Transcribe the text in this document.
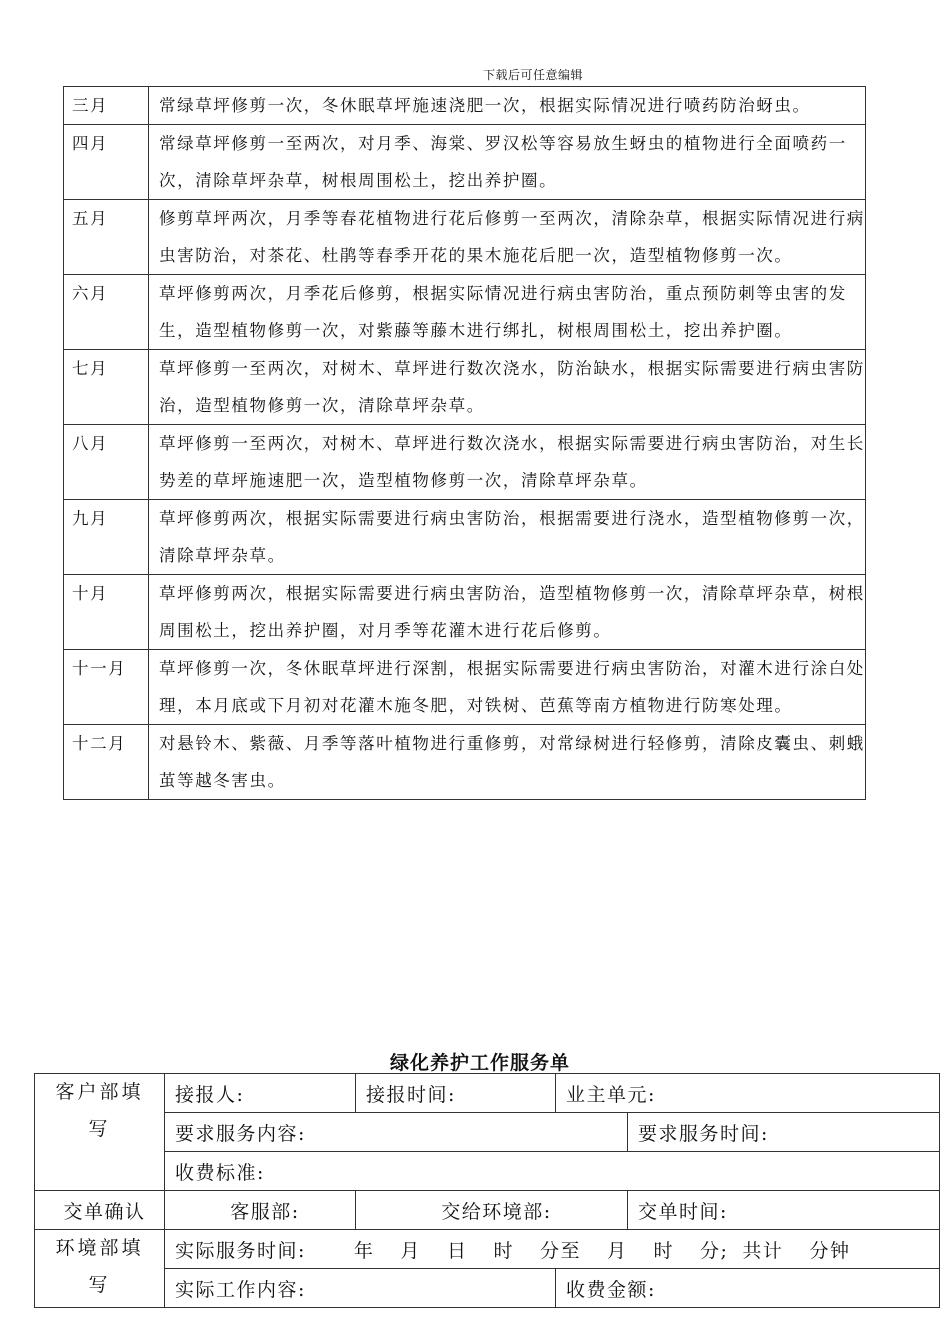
下载后可任意编辑
三月	常绿草坪修剪一次，冬休眠草坪施速浇肥一次，根据实际情况进行喷药防治蚜虫。
四月	常绿草坪修剪一至两次，对月季、海棠、罗汉松等容易放生蚜虫的植物进行全面喷药一次，清除草坪杂草，树根周围松土，挖出养护圈。
五月	修剪草坪两次，月季等春花植物进行花后修剪一至两次，清除杂草，根据实际情况进行病虫害防治，对茶花、杜鹃等春季开花的果木施花后肥一次，造型植物修剪一次。
六月	草坪修剪两次，月季花后修剪，根据实际情况进行病虫害防治，重点预防刺等虫害的发生，造型植物修剪一次，对紫藤等藤木进行绑扎，树根周围松土，挖出养护圈。
七月	草坪修剪一至两次，对树木、草坪进行数次浇水，防治缺水，根据实际需要进行病虫害防治，造型植物修剪一次，清除草坪杂草。
八月	草坪修剪一至两次，对树木、草坪进行数次浇水，根据实际需要进行病虫害防治，对生长势差的草坪施速肥一次，造型植物修剪一次，清除草坪杂草。
九月	草坪修剪两次，根据实际需要进行病虫害防治，根据需要进行浇水，造型植物修剪一次，清除草坪杂草。
十月	草坪修剪两次，根据实际需要进行病虫害防治，造型植物修剪一次，清除草坪杂草，树根周围松土，挖出养护圈，对月季等花灌木进行花后修剪。
十一月	草坪修剪一次，冬休眠草坪进行深割，根据实际需要进行病虫害防治，对灌木进行涂白处理，本月底或下月初对花灌木施冬肥，对铁树、芭蕉等南方植物进行防寒处理。
十二月	对悬铃木、紫薇、月季等落叶植物进行重修剪，对常绿树进行轻修剪，清除皮囊虫、刺蛾茧等越冬害虫。
绿化养护工作服务单
客户部填写	接报人:	接报时间:	业主单元:	
	要求服务内容:			要求服务时间:
	收费标准:			
交单确认	客服部:	交给环境部:		交单时间:

环境部填写	实际服务时间: 年 月 日 时 分至 月 时 分; 共计 分钟			
	实际工作内容:		收费金额:	
